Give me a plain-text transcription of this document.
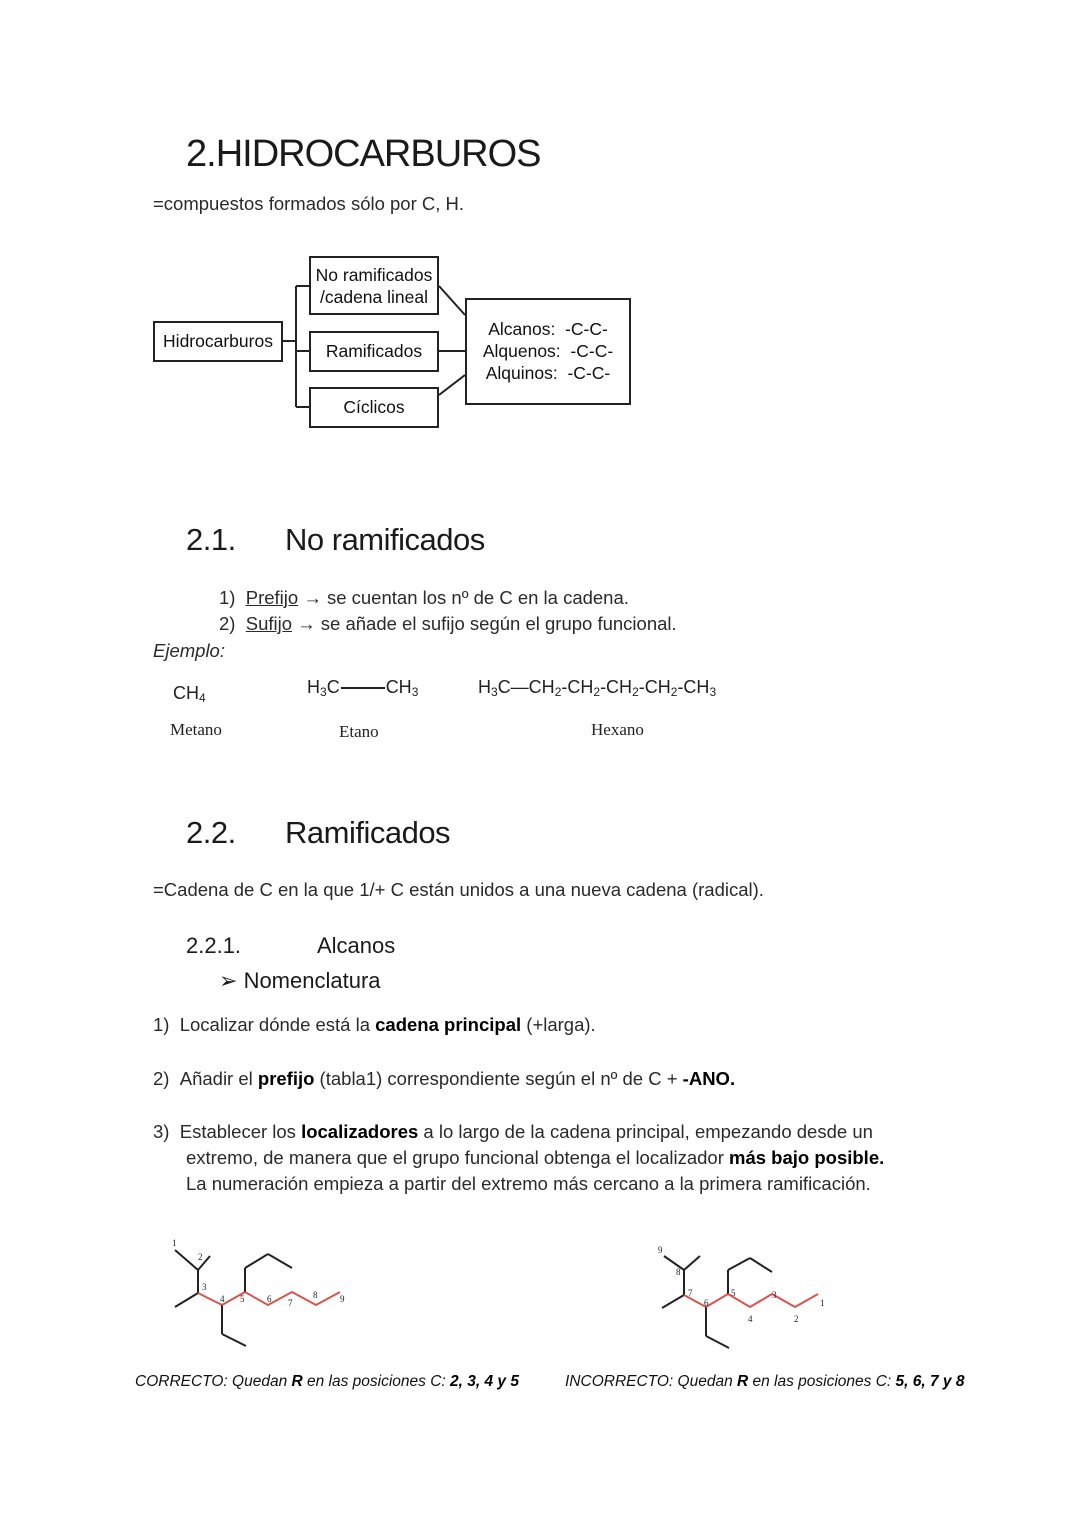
2.HIDROCARBUROS
=compuestos formados sólo por C, H.
Hidrocarburos
No ramificados
/cadena lineal
Ramificados
Cíclicos
Alcanos: -C-C-
Alquenos: -C-C-
Alquinos: -C-C-
2.1. No ramificados
1) Prefijo → se cuentan los nº de C en la cadena.
2) Sufijo → se añade el sufijo según el grupo funcional.
Ejemplo:
$CH_4$
Metano
$H_3C$	$CH_3$
Etano
$H_3C—CH_2-CH_2-CH_2-CH_2-CH_3$
Hexano
2.2. Ramificados
=Cadena de C en la que 1/+ C están unidos a una nueva cadena (radical).
2.2.1.	Alcanos
➢ Nomenclatura
1) Localizar dónde está la cadena principal (+larga).
2) Añadir el prefijo (tabla1) correspondiente según el nº de C + -ANO.
3) Establecer los localizadores a lo largo de la cadena principal, empezando desde un
extremo, de manera que el grupo funcional obtenga el localizador más bajo posible.
La numeración empieza a partir del extremo más cercano a la primera ramificación.
1
2
3
4 5	6 7
8	9
9
8
7
6
5
4
3
2
1
CORRECTO: Quedan R en las posiciones C: 2, 3, 4 y 5	INCORRECTO: Quedan R en las posiciones C: 5, 6, 7 y 8
